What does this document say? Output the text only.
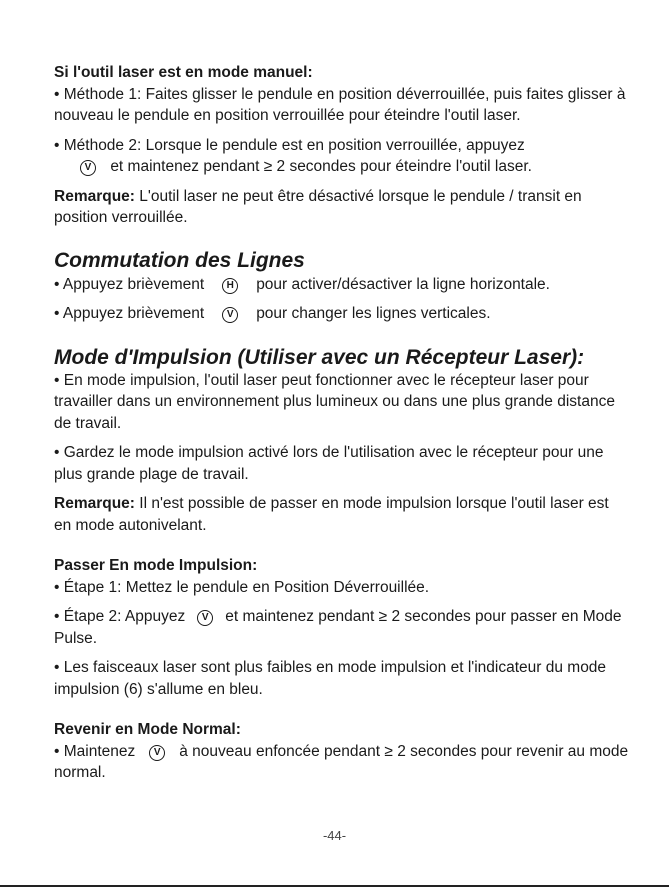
Si l'outil laser est en mode manuel:

• Méthode 1: Faites glisser le pendule en position déverrouillée, puis faites glisser à nouveau le pendule en position verrouillée pour éteindre l'outil laser.

• Méthode 2: Lorsque le pendule est en position verrouillée, appuyez
V et maintenez pendant ≥ 2 secondes pour éteindre l'outil laser.

Remarque: L'outil laser ne peut être désactivé lorsque le pendule / transit en position verrouillée.

Commutation des Lignes

• Appuyez brièvement H pour activer/désactiver la ligne horizontale.

• Appuyez brièvement V pour changer les lignes verticales.

Mode d'Impulsion (Utiliser avec un Récepteur Laser):

• En mode impulsion, l'outil laser peut fonctionner avec le récepteur laser pour travailler dans un environnement plus lumineux ou dans une plus grande distance de travail.

• Gardez le mode impulsion activé lors de l'utilisation avec le récepteur pour une plus grande plage de travail.

Remarque: Il n'est possible de passer en mode impulsion lorsque l'outil laser est en mode autonivelant.

Passer En mode Impulsion:

• Étape 1: Mettez le pendule en Position Déverrouillée.

• Étape 2: Appuyez V et maintenez pendant ≥ 2 secondes pour passer en Mode Pulse.

• Les faisceaux laser sont plus faibles en mode impulsion et l'indicateur du mode impulsion (6) s'allume en bleu.

Revenir en Mode Normal:

• Maintenez V à nouveau enfoncée pendant ≥ 2 secondes pour revenir au mode normal.

-44-
